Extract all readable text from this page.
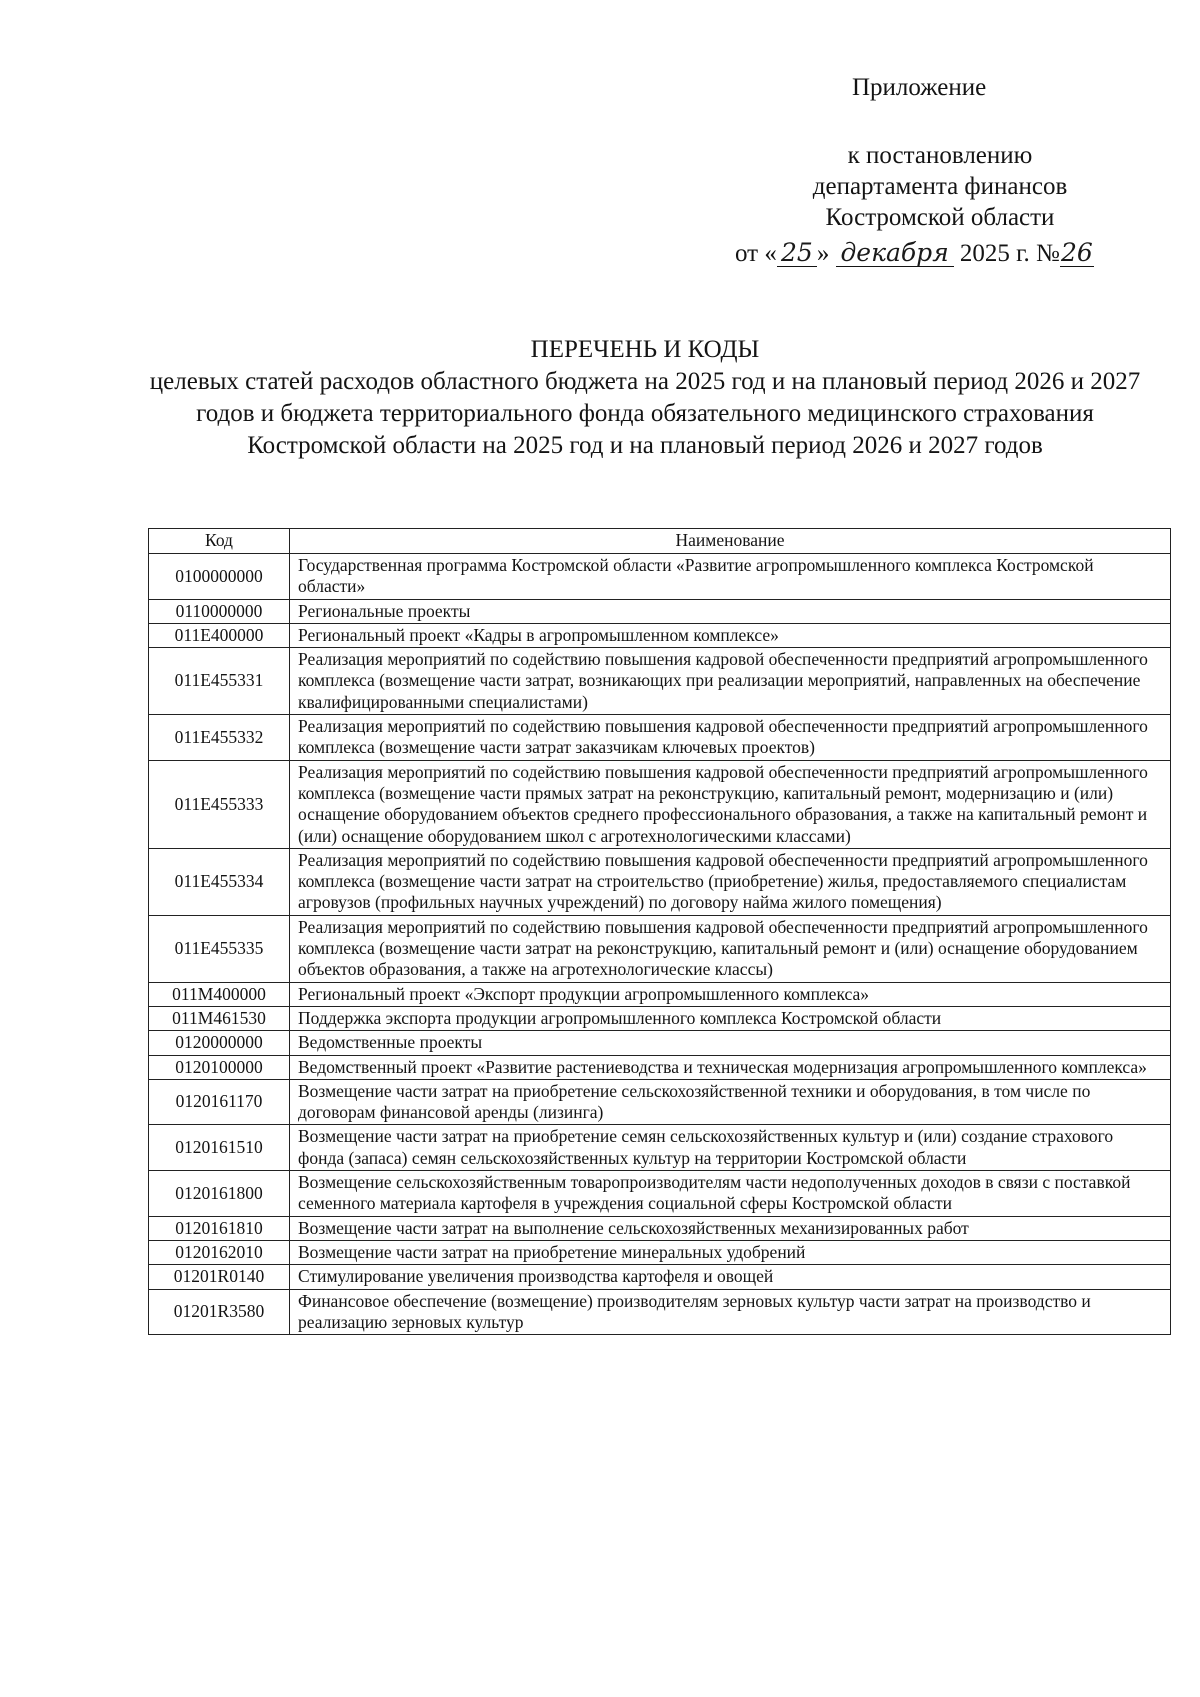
Приложение
к постановлению
департамента финансов
Костромской области
от « 25 » декабря 2025 г. №26
ПЕРЕЧЕНЬ И КОДЫ
целевых статей расходов областного бюджета на 2025 год и на плановый период 2026 и 2027 годов и бюджета территориального фонда обязательного медицинского страхования Костромской области на 2025 год и на плановый период 2026 и 2027 годов
Код	Наименование
0100000000	Государственная программа Костромской области «Развитие агропромышленного комплекса Костромской области»
0110000000	Региональные проекты
011E400000	Региональный проект «Кадры в агропромышленном комплексе»
011E455331	Реализация мероприятий по содействию повышения кадровой обеспеченности предприятий агропромышленного комплекса (возмещение части затрат, возникающих при реализации мероприятий, направленных на обеспечение квалифицированными специалистами)
011E455332	Реализация мероприятий по содействию повышения кадровой обеспеченности предприятий агропромышленного комплекса (возмещение части затрат заказчикам ключевых проектов)
011E455333	Реализация мероприятий по содействию повышения кадровой обеспеченности предприятий агропромышленного комплекса (возмещение части прямых затрат на реконструкцию, капитальный ремонт, модернизацию и (или) оснащение оборудованием объектов среднего профессионального образования, а также на капитальный ремонт и (или) оснащение оборудованием школ с агротехнологическими классами)
011E455334	Реализация мероприятий по содействию повышения кадровой обеспеченности предприятий агропромышленного комплекса (возмещение части затрат на строительство (приобретение) жилья, предоставляемого специалистам агровузов (профильных научных учреждений) по договору найма жилого помещения)
011E455335	Реализация мероприятий по содействию повышения кадровой обеспеченности предприятий агропромышленного комплекса (возмещение части затрат на реконструкцию, капитальный ремонт и (или) оснащение оборудованием объектов образования, а также на агротехнологические классы)
011M400000	Региональный проект «Экспорт продукции агропромышленного комплекса»
011M461530	Поддержка экспорта продукции агропромышленного комплекса Костромской области
0120000000	Ведомственные проекты
0120100000	Ведомственный проект «Развитие растениеводства и техническая модернизация агропромышленного комплекса»
0120161170	Возмещение части затрат на приобретение сельскохозяйственной техники и оборудования, в том числе по договорам финансовой аренды (лизинга)
0120161510	Возмещение части затрат на приобретение семян сельскохозяйственных культур и (или) создание страхового фонда (запаса) семян сельскохозяйственных культур на территории Костромской области
0120161800	Возмещение сельскохозяйственным товаропроизводителям части недополученных доходов в связи с поставкой семенного материала картофеля в учреждения социальной сферы Костромской области
0120161810	Возмещение части затрат на выполнение сельскохозяйственных механизированных работ
0120162010	Возмещение части затрат на приобретение минеральных удобрений
01201R0140	Стимулирование увеличения производства картофеля и овощей
01201R3580	Финансовое обеспечение (возмещение) производителям зерновых культур части затрат на производство и реализацию зерновых культур
